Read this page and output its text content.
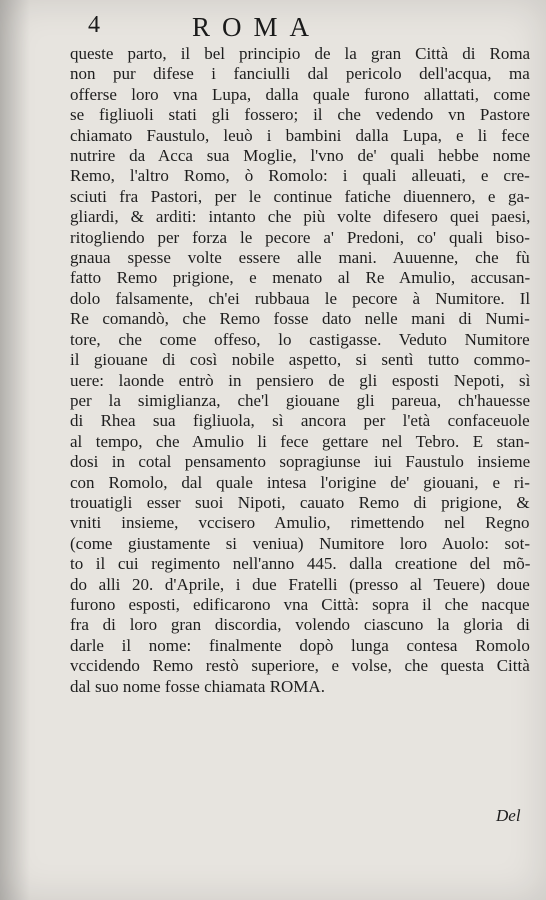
4	ROMA
queste parto, il bel principio de la gran Città di Roma
non pur difese i fanciulli dal pericolo dell'acqua, ma
offerse loro vna Lupa, dalla quale furono allattati, come
se figliuoli stati gli fossero; il che vedendo vn Pastore
chiamato Faustulo, leuò i bambini dalla Lupa, e li fece
nutrire da Acca sua Moglie, l'vno de' quali hebbe nome
Remo, l'altro Romo, ò Romolo: i quali alleuati, e cre-
sciuti fra Pastori, per le continue fatiche diuennero, e ga-
gliardi, & arditi: intanto che più volte difesero quei paesi,
ritogliendo per forza le pecore a' Predoni, co' quali biso-
gnaua spesse volte essere alle mani. Auuenne, che fù
fatto Remo prigione, e menato al Re Amulio, accusan-
dolo falsamente, ch'ei rubbaua le pecore à Numitore. Il
Re comandò, che Remo fosse dato nelle mani di Numi-
tore, che come offeso, lo castigasse. Veduto Numitore
il giouane di così nobile aspetto, si sentì tutto commo-
uere: laonde entrò in pensiero de gli esposti Nepoti, sì
per la simiglianza, che'l giouane gli pareua, ch'hauesse
di Rhea sua figliuola, sì ancora per l'età confaceuole
al tempo, che Amulio li fece gettare nel Tebro. E stan-
dosi in cotal pensamento sopragiunse iui Faustulo insieme
con Romolo, dal quale intesa l'origine de' giouani, e ri-
trouatigli esser suoi Nipoti, cauato Remo di prigione, &
vniti insieme, vccisero Amulio, rimettendo nel Regno
(come giustamente si veniua) Numitore loro Auolo: sot-
to il cui regimento nell'anno 445. dalla creatione del mõ-
do alli 20. d'Aprile, i due Fratelli (presso al Teuere) doue
furono esposti, edificarono vna Città: sopra il che nacque
fra di loro gran discordia, volendo ciascuno la gloria di
darle il nome: finalmente dopò lunga contesa Romolo
vccidendo Remo restò superiore, e volse, che questa Città
dal suo nome fosse chiamata ROMA.
Del
